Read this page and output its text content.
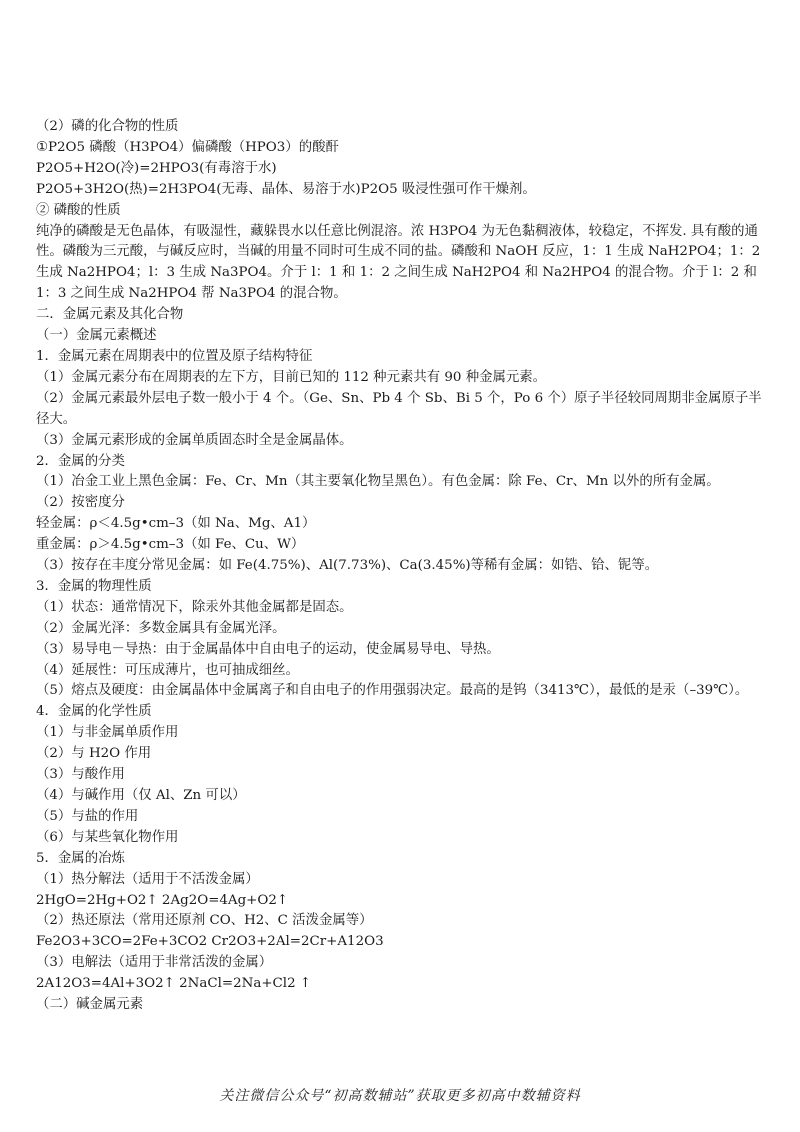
（2）磷的化合物的性质
①P2O5 磷酸（H3PO4）偏磷酸（HPO3）的酸酐
P2O5+H2O(冷)=2HPO3(有毒溶于水)
P2O5+3H2O(热)=2H3PO4(无毒、晶体、易溶于水)P2O5 吸浸性强可作干燥剂。
② 磷酸的性质
纯净的磷酸是无色晶体，有吸湿性，藏躲畏水以任意比例混溶。浓 H3PO4 为无色黏稠液体，较稳定，不挥发. 具有酸的通性。磷酸为三元酸，与碱反应时，当碱的用量不同时可生成不同的盐。磷酸和 NaOH 反应，1：1 生成 NaH2PO4；1：2 生成 Na2HPO4；l：3 生成 Na3PO4。介于 l：1 和 1：2 之间生成 NaH2PO4 和 Na2HPO4 的混合物。介于 l：2 和 1：3 之间生成 Na2HPO4 帮 Na3PO4 的混合物。
二．金属元素及其化合物
（一）金属元素概述
1．金属元素在周期表中的位置及原子结构特征
（1）金属元素分布在周期表的左下方，目前已知的 112 种元素共有 90 种金属元素。
（2）金属元素最外层电子数一般小于 4 个。（Ge、Sn、Pb 4 个 Sb、Bi 5 个，Po 6 个）原子半径较同周期非金属原子半径大。
（3）金属元素形成的金属单质固态时全是金属晶体。
2．金属的分类
（1）冶金工业上黑色金属：Fe、Cr、Mn（其主要氧化物呈黑色）。有色金属：除 Fe、Cr、Mn 以外的所有金属。
（2）按密度分
轻金属：ρ＜4.5g•cm–3（如 Na、Mg、A1）
重金属：ρ＞4.5g•cm–3（如 Fe、Cu、W）
（3）按存在丰度分常见金属：如 Fe(4.75%)、Al(7.73%)、Ca(3.45%)等稀有金属：如锆、铪、铌等。
3．金属的物理性质
（1）状态：通常情况下，除汞外其他金属都是固态。
（2）金属光泽：多数金属具有金属光泽。
（3）易导电－导热：由于金属晶体中自由电子的运动，使金属易导电、导热。
（4）延展性：可压成薄片，也可抽成细丝。
（5）熔点及硬度：由金属晶体中金属离子和自由电子的作用强弱决定。最高的是钨（3413℃），最低的是汞（–39℃）。
4．金属的化学性质
（1）与非金属单质作用
（2）与 H2O 作用
（3）与酸作用
（4）与碱作用（仅 Al、Zn 可以）
（5）与盐的作用
（6）与某些氧化物作用
5．金属的冶炼
（1）热分解法（适用于不活泼金属）
2HgO=2Hg+O2↑ 2Ag2O=4Ag+O2↑
（2）热还原法（常用还原剂 CO、H2、C 活泼金属等）
Fe2O3+3CO=2Fe+3CO2 Cr2O3+2Al=2Cr+A12O3
（3）电解法（适用于非常活泼的金属）
2A12O3=4Al+3O2↑ 2NaCl=2Na+Cl2 ↑
（二）碱金属元素
关注微信公众号“初高数辅站”获取更多初高中数辅资料
